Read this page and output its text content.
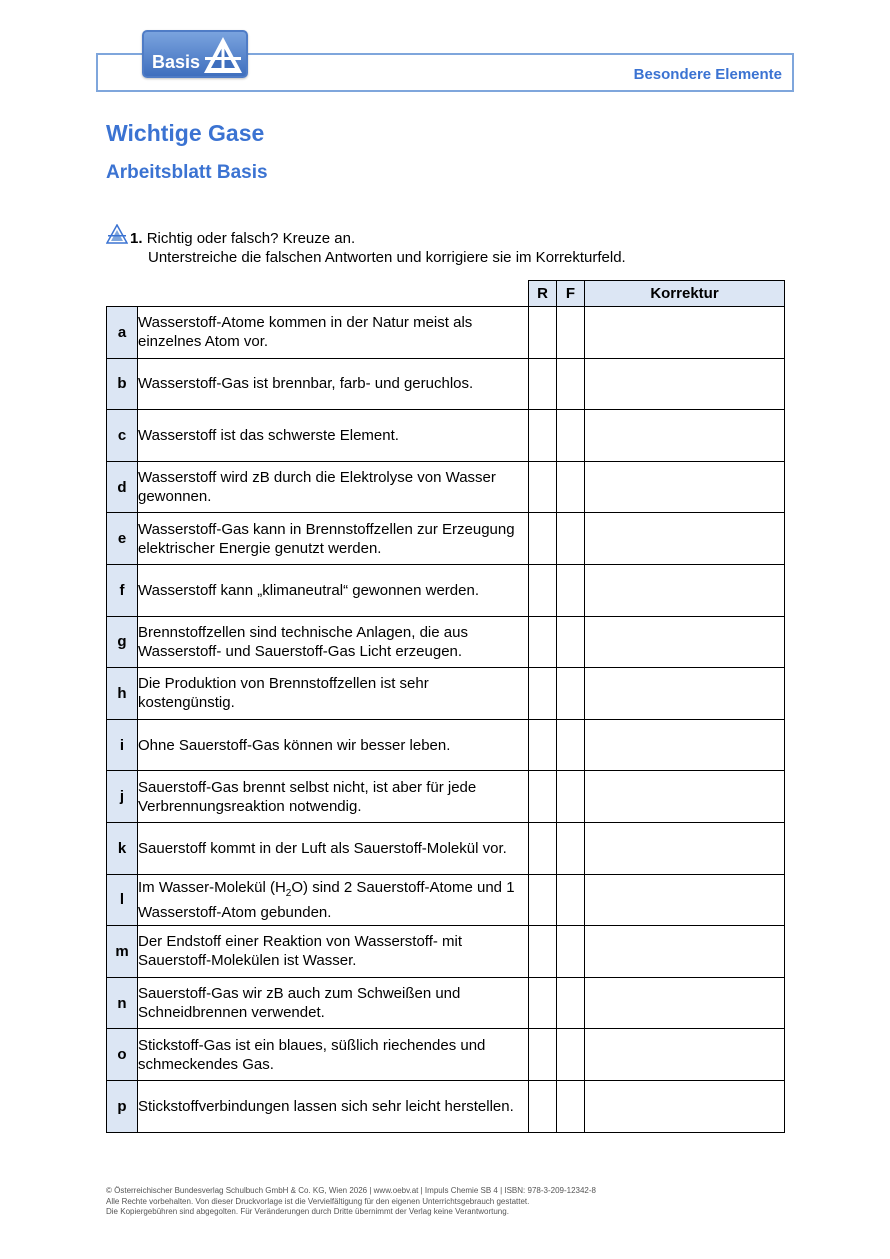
Besondere Elemente
Basis
Wichtige Gase
Arbeitsblatt Basis
1. Richtig oder falsch? Kreuze an.
Unterstreiche die falschen Antworten und korrigiere sie im Korrekturfeld.
		R	F	Korrektur
a	Wasserstoff-Atome kommen in der Natur meist als einzelnes Atom vor.			
b	Wasserstoff-Gas ist brennbar, farb- und geruchlos.			
c	Wasserstoff ist das schwerste Element.			
d	Wasserstoff wird zB durch die Elektrolyse von Wasser gewonnen.			
e	Wasserstoff-Gas kann in Brennstoffzellen zur Erzeugung elektrischer Energie genutzt werden.			
f	Wasserstoff kann „klimaneutral“ gewonnen werden.			
g	Brennstoffzellen sind technische Anlagen, die aus Wasserstoff- und Sauerstoff-Gas Licht erzeugen.			
h	Die Produktion von Brennstoffzellen ist sehr kostengünstig.			
i	Ohne Sauerstoff-Gas können wir besser leben.			
j	Sauerstoff-Gas brennt selbst nicht, ist aber für jede Verbrennungsreaktion notwendig.			
k	Sauerstoff kommt in der Luft als Sauerstoff-Molekül vor.			
l	Im Wasser-Molekül $(H_2O)$ sind 2 Sauerstoff-Atome und 1 Wasserstoff-Atom gebunden.			
m	Der Endstoff einer Reaktion von Wasserstoff- mit Sauerstoff-Molekülen ist Wasser.			
n	Sauerstoff-Gas wir zB auch zum Schweißen und Schneidbrennen verwendet.			
o	Stickstoff-Gas ist ein blaues, süßlich riechendes und schmeckendes Gas.			
p	Stickstoffverbindungen lassen sich sehr leicht herstellen.			
© Österreichischer Bundesverlag Schulbuch GmbH & Co. KG, Wien 2026 | www.oebv.at | Impuls Chemie SB 4 | ISBN: 978-3-209-12342-8
Alle Rechte vorbehalten. Von dieser Druckvorlage ist die Vervielfältigung für den eigenen Unterrichtsgebrauch gestattet.
Die Kopiergebühren sind abgegolten. Für Veränderungen durch Dritte übernimmt der Verlag keine Verantwortung.
